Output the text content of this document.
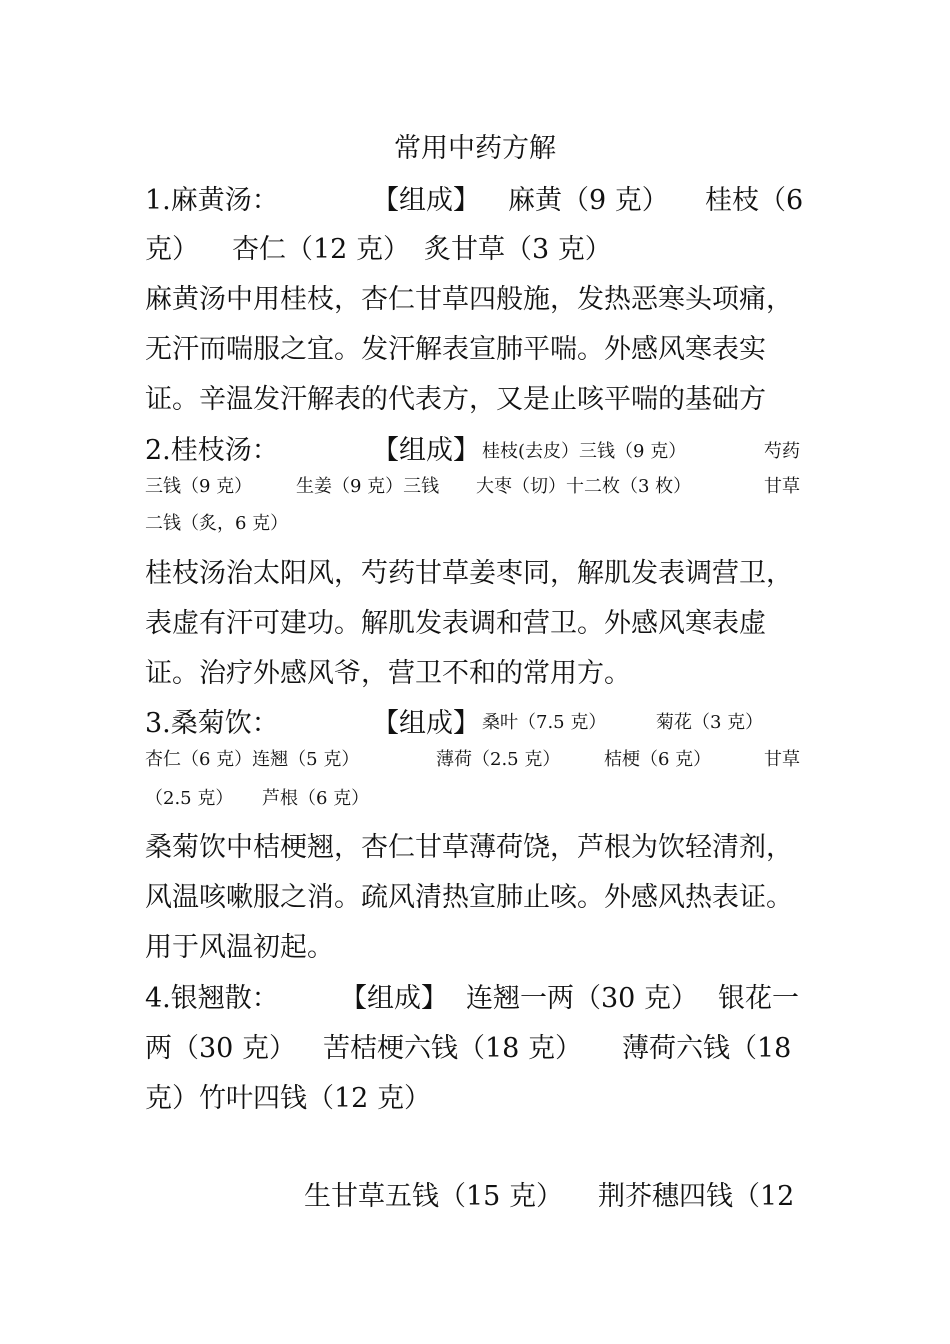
常用中药方解
1.麻黄汤：	【组成】 麻黄（9 克） 桂枝（6
克） 杏仁（12 克） 炙甘草（3 克）
麻黄汤中用桂枝，杏仁甘草四般施，发热恶寒头项痛，
无汗而喘服之宜。发汗解表宣肺平喘。外感风寒表实
证。辛温发汗解表的代表方，又是止咳平喘的基础方
2.桂枝汤：	【组成】 桂枝(去皮）三钱（9 克）	芍药
三钱（9 克） 生姜（9 克）三钱 大枣（切）十二枚（3 枚）	甘草
二钱（炙，6 克）
桂枝汤治太阳风，芍药甘草姜枣同，解肌发表调营卫，
表虚有汗可建功。解肌发表调和营卫。外感风寒表虚
证。治疗外感风爷，营卫不和的常用方。
3.桑菊饮：	【组成】 桑叶（7.5 克）	菊花（3 克）
杏仁（6 克）连翘（5 克）	薄荷（2.5 克） 桔梗（6 克）	甘草
（2.5 克） 芦根（6 克）
桑菊饮中桔梗翘，杏仁甘草薄荷饶，芦根为饮轻清剂，
风温咳嗽服之消。疏风清热宣肺止咳。外感风热表证。
用于风温初起。
4.银翘散： 【组成】 连翘一两（30 克） 银花一
两（30 克） 苦桔梗六钱（18 克） 薄荷六钱（18
克）竹叶四钱（12 克）
生甘草五钱（15 克） 荆芥穗四钱（12
